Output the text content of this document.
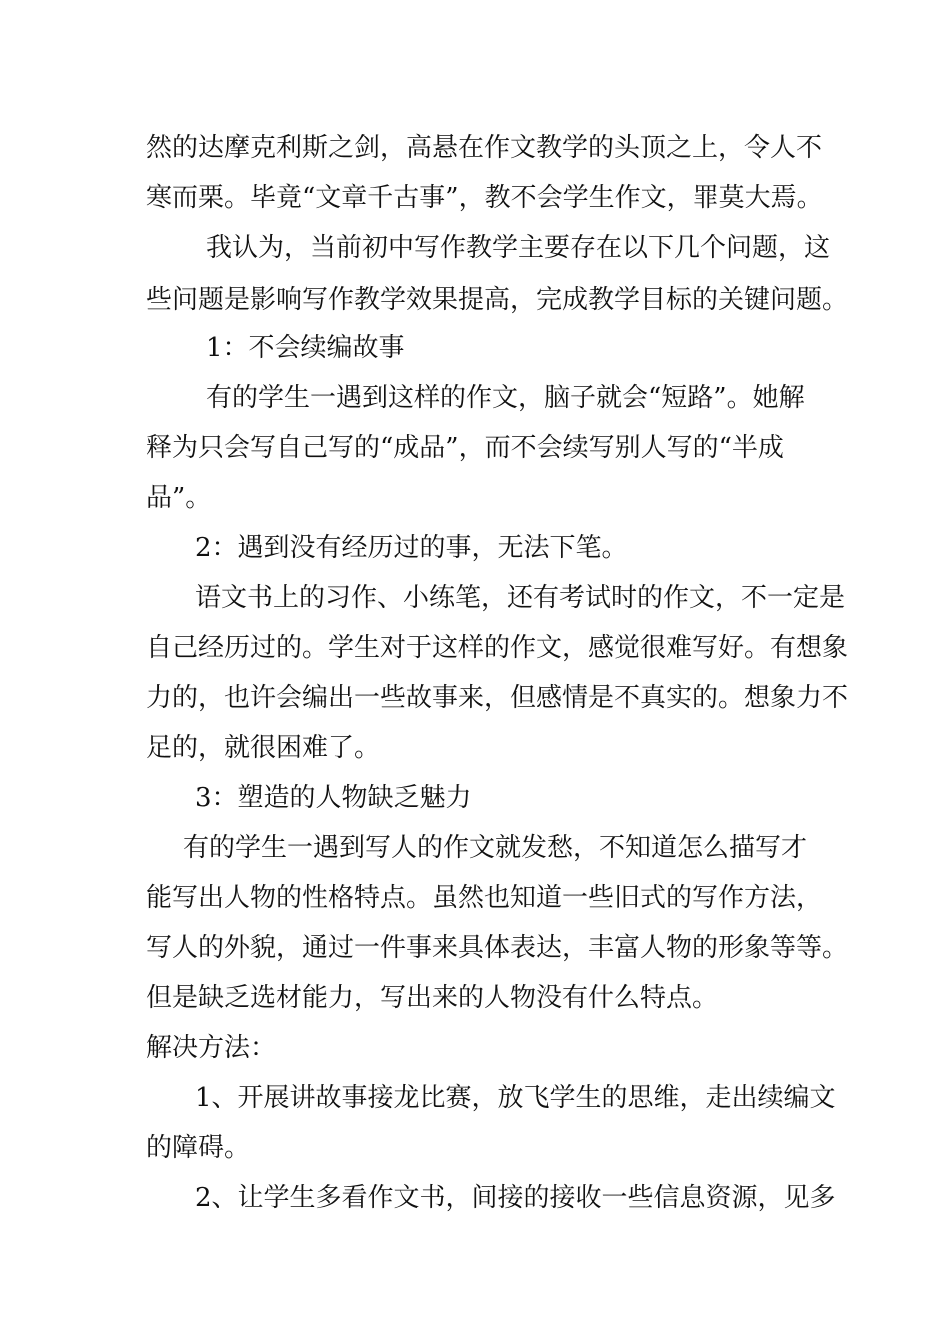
然的达摩克利斯之剑，高悬在作文教学的头顶之上，令人不
寒而栗。毕竟“文章千古事”，教不会学生作文，罪莫大焉。
我认为，当前初中写作教学主要存在以下几个问题，这
些问题是影响写作教学效果提高，完成教学目标的关键问题。
1：不会续编故事
有的学生一遇到这样的作文，脑子就会“短路”。她解
释为只会写自己写的“成品”，而不会续写别人写的“半成
品”。
2：遇到没有经历过的事，无法下笔。
语文书上的习作、小练笔，还有考试时的作文，不一定是
自己经历过的。学生对于这样的作文，感觉很难写好。有想象
力的，也许会编出一些故事来，但感情是不真实的。想象力不
足的，就很困难了。
3：塑造的人物缺乏魅力
有的学生一遇到写人的作文就发愁，不知道怎么描写才
能写出人物的性格特点。虽然也知道一些旧式的写作方法，
写人的外貌，通过一件事来具体表达，丰富人物的形象等等。
但是缺乏选材能力，写出来的人物没有什么特点。
解决方法：
1、开展讲故事接龙比赛，放飞学生的思维，走出续编文
的障碍。
2、让学生多看作文书，间接的接收一些信息资源，见多
